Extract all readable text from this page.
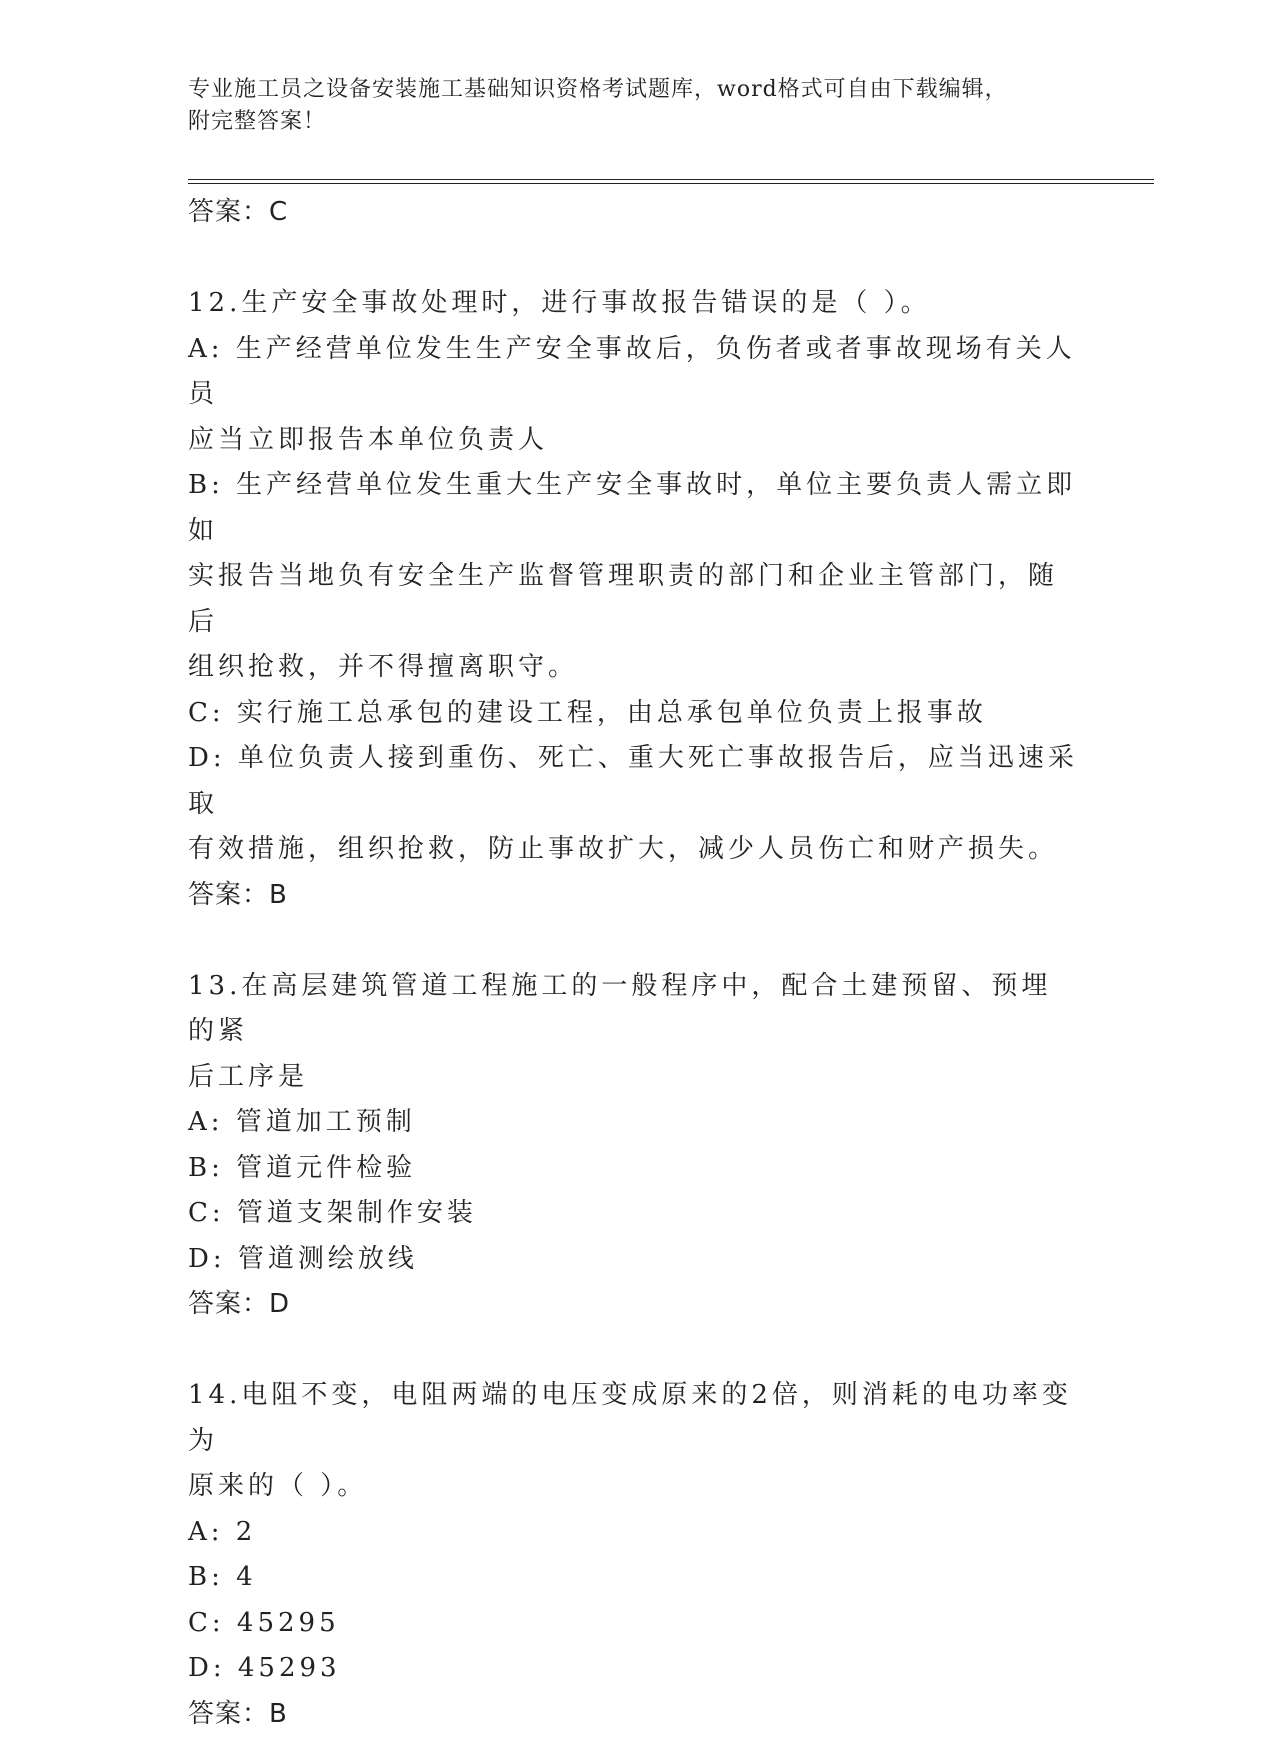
专业施工员之设备安装施工基础知识资格考试题库，word格式可自由下载编辑，
附完整答案！
答案：C
12.生产安全事故处理时，进行事故报告错误的是（ ）。
A: 生产经营单位发生生产安全事故后，负伤者或者事故现场有关人员
应当立即报告本单位负责人
B: 生产经营单位发生重大生产安全事故时，单位主要负责人需立即如
实报告当地负有安全生产监督管理职责的部门和企业主管部门，随后
组织抢救，并不得擅离职守。
C: 实行施工总承包的建设工程，由总承包单位负责上报事故
D: 单位负责人接到重伤、死亡、重大死亡事故报告后，应当迅速采取
有效措施，组织抢救，防止事故扩大，减少人员伤亡和财产损失。
答案：B
13.在高层建筑管道工程施工的一般程序中，配合土建预留、预埋的紧
后工序是
A: 管道加工预制
B: 管道元件检验
C: 管道支架制作安装
D: 管道测绘放线
答案：D
14.电阻不变，电阻两端的电压变成原来的2倍，则消耗的电功率变为
原来的（ ）。
A: 2
B: 4
C: 45295
D: 45293
答案：B
